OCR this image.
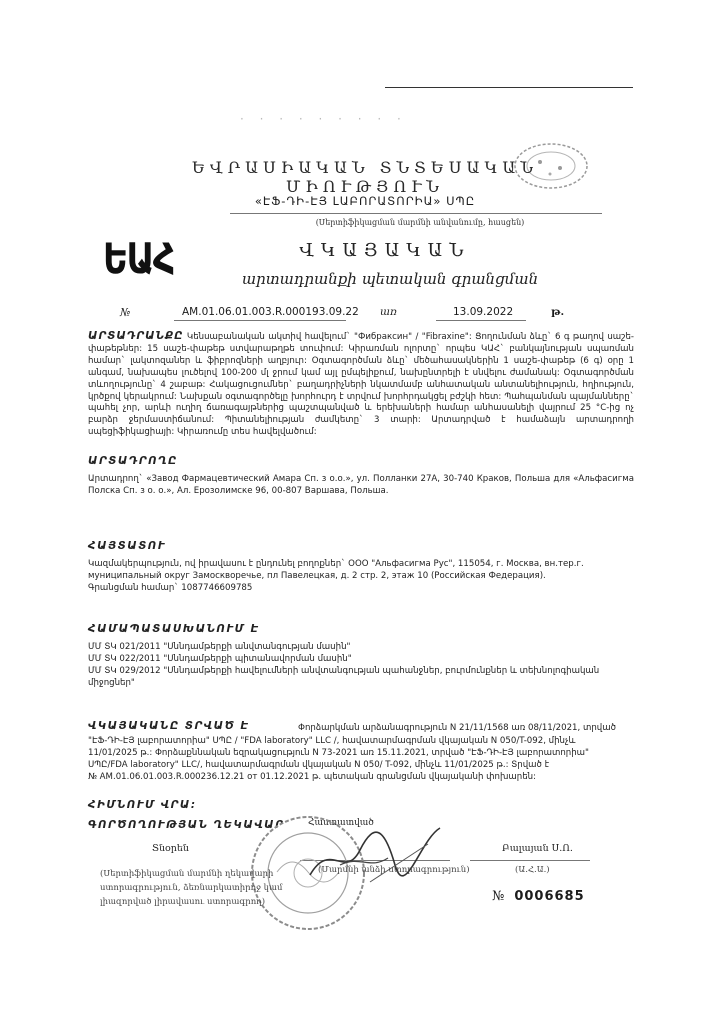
· · · · · · · · ·
ԵՎՐԱՍԻԱԿԱՆ ՏՆՏԵՍԱԿԱՆ ՄԻՈՒԹՅՈՒՆ
«ԷՖ-ԴԻ-ԷՅ ԼԱԲՈՐԱՏՈՐԻԱ» ՍՊԸ
(Սերտիֆիկացման մարմնի անվանումը, հասցեն)
ԵԱՀ	ՎԿԱՅԱԿԱՆ
արտադրանքի պետական գրանցման
№	AM.01.06.01.003.R.000193.09.22 առ	13.09.2022	թ.
ԱՐՏԱԴՐԱՆՔԸ Կենսաբանական ակտիվ հավելում` "Фибраксин" / "Fibraxine": Ցողունման ձևը` 6 գ թաղով սաշե-փաթեթներ: 15 սաշե-փաթեթ ստվարաթղթե տուփում: Կիրառման ոլորտը` որպես ԿԱՀ` բանկայնության սպառման համար` լակտոզաներ և ֆիբրոզների աղբյուր: Օգտագործման ձևը` մեծահասակներին 1 սաշե-փաթեթ (6 գ) օրը 1 անգամ, նախապես լուծելով 100-200 մլ ջրում կամ այլ ըմպելիքում, նախընտրելի է սնվելու ժամանակ: Օգտագործման տևողությունը` 4 շաբաթ: Հակացուցումներ` բաղադրիչների նկատմամբ անհատական անտանելիություն, հղիություն, կրծքով կերակրում: Նախքան օգտագործելը խորհուրդ է տրվում խորհրդակցել բժշկի հետ: Պահպանման պայմանները` պահել չոր, արևի ուղիղ ճառագայթներից պաշտպանված և երեխաների համար անհասանելի վայրում 25 °C-ից ոչ բարձր ջերմաստիճանում: Պիտանելիության ժամկետը` 3 տարի: Արտադրված է համաձայն արտադրողի սպեցիֆիկացիայի: Կիրառումը տես հավելվածում:
ԱՐՏԱԴՐՈՂԸ
Արտադրող` «Завод Фармацевтический Амара Сп. з о.о.», ул. Полланки 27А, 30-740 Краков, Польша для «Альфасигма Полска Сп. з о. о.», Ал. Ерозолимске 96, 00-807 Варшава, Польша.
ՀԱՅՏԱՏՈՒ
Կազմակերպություն, ով իրավասու է ընդունել բողոքներ` ООО "Альфасигма Рус", 115054, г. Москва, вн.тер.г.
муниципальный округ Замоскворечье, пл Павелецкая, д. 2 стр. 2, этаж 10 (Российская Федерация).
Գրանցման համար` 1087746609785
ՀԱՄԱՊԱՏԱՍԽԱՆՈՒՄ Է
ՄՄ ՏԿ 021/2011 "Սննդամթերքի անվտանգության մասին"
ՄՄ ՏԿ 022/2011 "Սննդամթերքի պիտանավորման մասին"
ՄՄ ՏԿ 029/2012 "Սննդամթերքի հավելումների անվտանգության պահանջներ, բուրմունքներ և տեխնոլոգիական
միջոցներ"
ՎԿԱՅԱԿԱՆԸ ՏՐՎԱԾ Է	Փորձարկման արձանագրություն N 21/11/1568 առ 08/11/2021, տրված
"ԷՖ-ԴԻ-ԷՅ լաբորատորիա" ՍՊԸ / "FDA laboratory" LLC /, հավատարմագրման վկայական N 050/T-092, մինչև
11/01/2025 թ.: Փորձաքննական եզրակացություն N 73-2021 առ 15.11.2021, տրված "ԷՖ-ԴԻ-ԷՅ լաբորատորիա"
ՍՊԸ/FDA laboratory" LLC/, հավատարմագրման վկայական N 050/ T-092, մինչև 11/01/2025 թ.: Տրված է
№ AM.01.06.01.003.R.000236.12.21 от 01.12.2021 թ. պետական գրանցման վկայականի փոխարեն:
ՀԻՄՆՈՒՄ ՎՐԱ:
ԳՈՐԾՈՂՈՒԹՅԱՆ ՂԵԿԱՎԱՐ	Հաստատված
Տնօրեն	Բալայան Ս.Ո.
(Մարմնի անձի ստորագրություն)	(Ա.Հ.Ա.)
(Սերտիֆիկացման մարմնի ղեկավարի
ստորագրություն, ձեռնարկատիրոջ կամ
լիազորված լիրավասու ստորագրող)	№ 0006685
